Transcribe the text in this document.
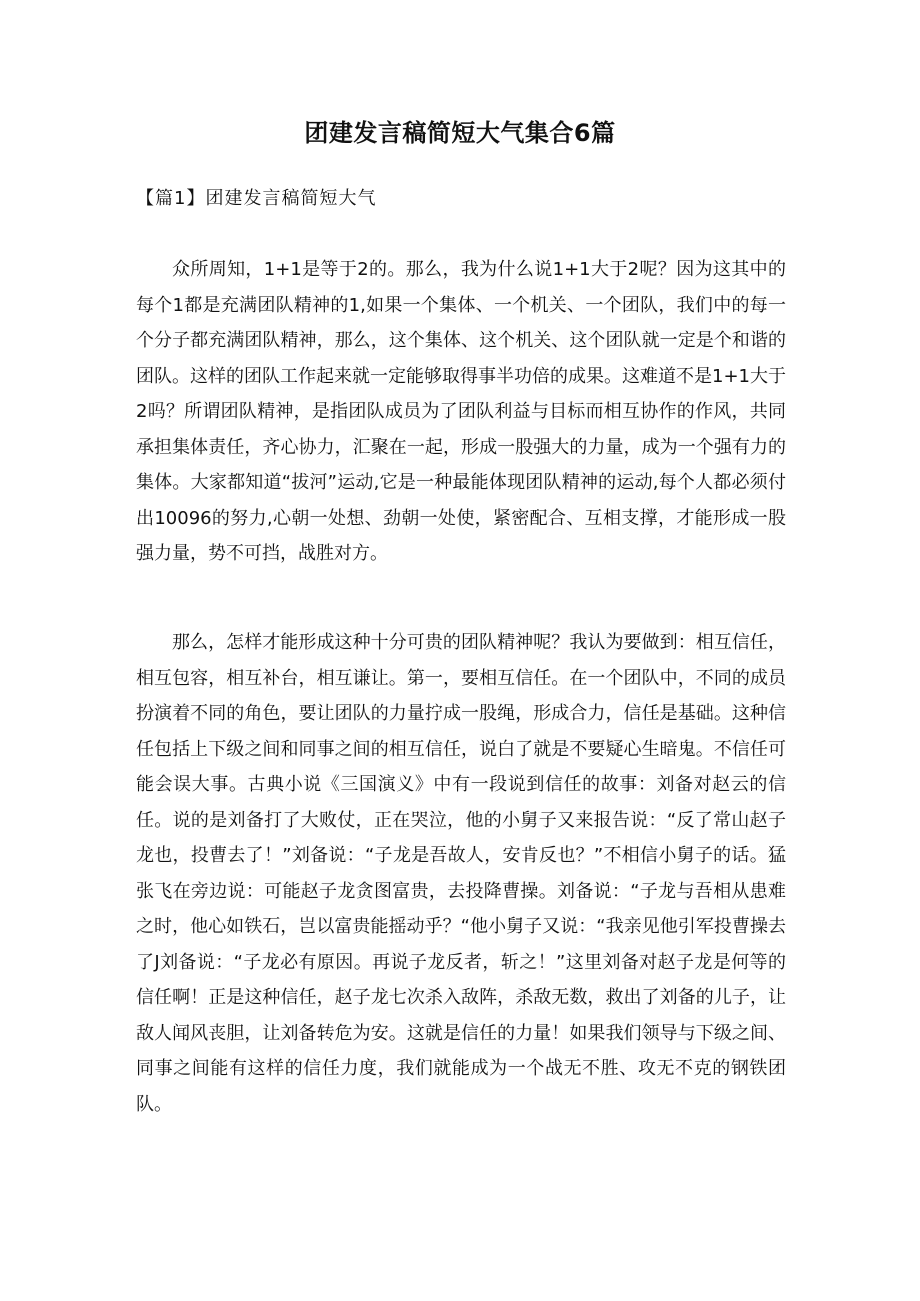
团建发言稿简短大气集合6篇

【篇1】团建发言稿简短大气

众所周知，1+1是等于2的。那么，我为什么说1+1大于2呢？因为这其中的每个1都是充满团队精神的1,如果一个集体、一个机关、一个团队，我们中的每一个分子都充满团队精神，那么，这个集体、这个机关、这个团队就一定是个和谐的团队。这样的团队工作起来就一定能够取得事半功倍的成果。这难道不是1+1大于2吗？所谓团队精神，是指团队成员为了团队利益与目标而相互协作的作风，共同承担集体责任，齐心协力，汇聚在一起，形成一股强大的力量，成为一个强有力的集体。大家都知道“拔河”运动,它是一种最能体现团队精神的运动,每个人都必须付出10096的努力,心朝一处想、劲朝一处使，紧密配合、互相支撑，才能形成一股强力量，势不可挡，战胜对方。

那么，怎样才能形成这种十分可贵的团队精神呢？我认为要做到：相互信任，相互包容，相互补台，相互谦让。第一，要相互信任。在一个团队中，不同的成员扮演着不同的角色，要让团队的力量拧成一股绳，形成合力，信任是基础。这种信任包括上下级之间和同事之间的相互信任，说白了就是不要疑心生暗鬼。不信任可能会误大事。古典小说《三国演义》中有一段说到信任的故事：刘备对赵云的信任。说的是刘备打了大败仗，正在哭泣，他的小舅子又来报告说：“反了常山赵子龙也，投曹去了！”刘备说：“子龙是吾故人，安肯反也？”不相信小舅子的话。猛张飞在旁边说：可能赵子龙贪图富贵，去投降曹操。刘备说：“子龙与吾相从患难之时，他心如铁石，岂以富贵能摇动乎？“他小舅子又说：“我亲见他引军投曹操去了J刘备说：“子龙必有原因。再说子龙反者，斩之！”这里刘备对赵子龙是何等的信任啊！正是这种信任，赵子龙七次杀入敌阵，杀敌无数，救出了刘备的儿子，让敌人闻风丧胆，让刘备转危为安。这就是信任的力量！如果我们领导与下级之间、同事之间能有这样的信任力度，我们就能成为一个战无不胜、攻无不克的钢铁团队。
